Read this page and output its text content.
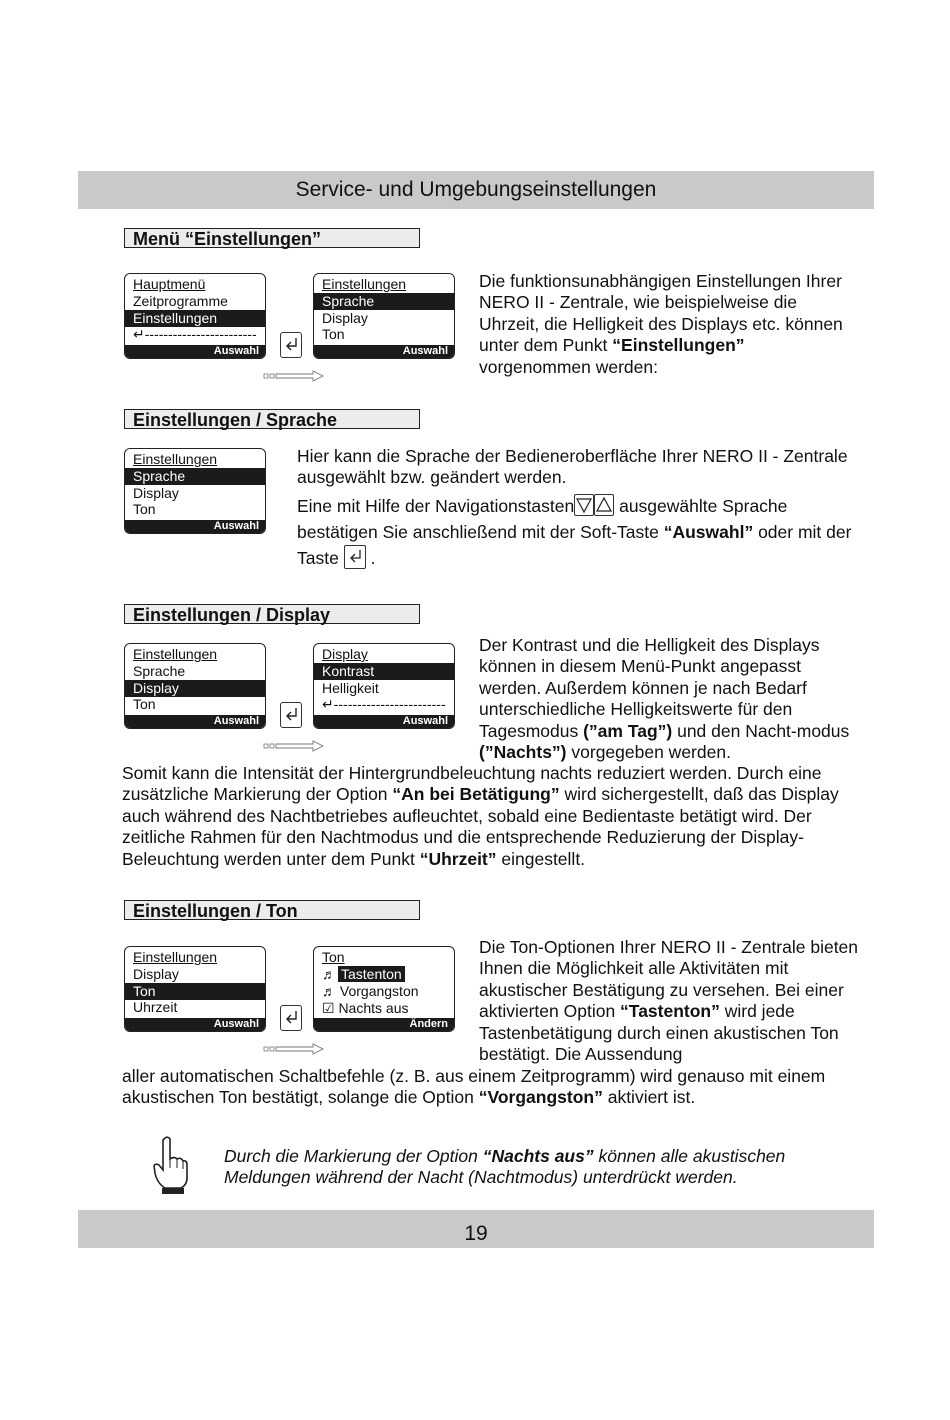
Service- und Umgebungseinstellungen
Menü “Einstellungen”
Hauptmenü
Zeitprogramme
Einstellungen
↵------------------------
Auswahl
Einstellungen
Sprache
Display
Ton
Auswahl
Die funktionsunabhängigen Einstellungen Ihrer NERO II - Zentrale, wie beispielweise die Uhrzeit, die Helligkeit des Displays etc. können unter dem Punkt “Einstellungen” vorgenommen werden:
Einstellungen / Sprache
Einstellungen
Sprache
Display
Ton
Auswahl

Hier kann die Sprache der Bedieneroberfläche Ihrer NERO II - Zentrale ausgewählt bzw. geändert werden.

Eine mit Hilfe der Navigationstasten ausgewählte Sprache bestätigen Sie anschließend mit der Soft-Taste “Auswahl” oder mit der Taste  .

Einstellungen / Display
Einstellungen
Sprache
Display
Ton
Auswahl
Display
Kontrast
Helligkeit
↵------------------------
Auswahl
Der Kontrast und die Helligkeit des Displays können in diesem Menü-Punkt angepasst werden. Außerdem können je nach Bedarf unterschiedliche Helligkeitswerte für den Tagesmodus (”am Tag”) und den Nacht-modus (”Nachts”) vorgegeben werden.
Somit kann die Intensität der Hintergrundbeleuchtung nachts reduziert werden. Durch eine zusätzliche Markierung der Option “An bei Betätigung” wird sichergestellt, daß das Display auch während des Nachtbetriebes aufleuchtet, sobald eine Bedientaste betätigt wird. Der zeitliche Rahmen für den Nachtmodus und die entsprechende Reduzierung der Display-Beleuchtung werden unter dem Punkt “Uhrzeit” eingestellt.
Einstellungen / Ton
Einstellungen
Display
Ton
Uhrzeit
Auswahl
Ton
♬ Tastenton
♬ Vorgangston
☑ Nachts aus
Ändern
Die Ton-Optionen Ihrer NERO II - Zentrale bieten Ihnen die Möglichkeit alle Aktivitäten mit akustischer Bestätigung zu versehen. Bei einer aktivierten Option “Tastenton” wird jede Tastenbetätigung durch einen akustischen Ton bestätigt. Die Aussendung
aller automatischen Schaltbefehle (z. B. aus einem Zeitprogramm) wird genauso mit einem akustischen Ton bestätigt, solange die Option “Vorgangston” aktiviert ist.
Durch die Markierung der Option “Nachts aus” können alle akustischen Meldungen während der Nacht (Nachtmodus) unterdrückt werden.
19
